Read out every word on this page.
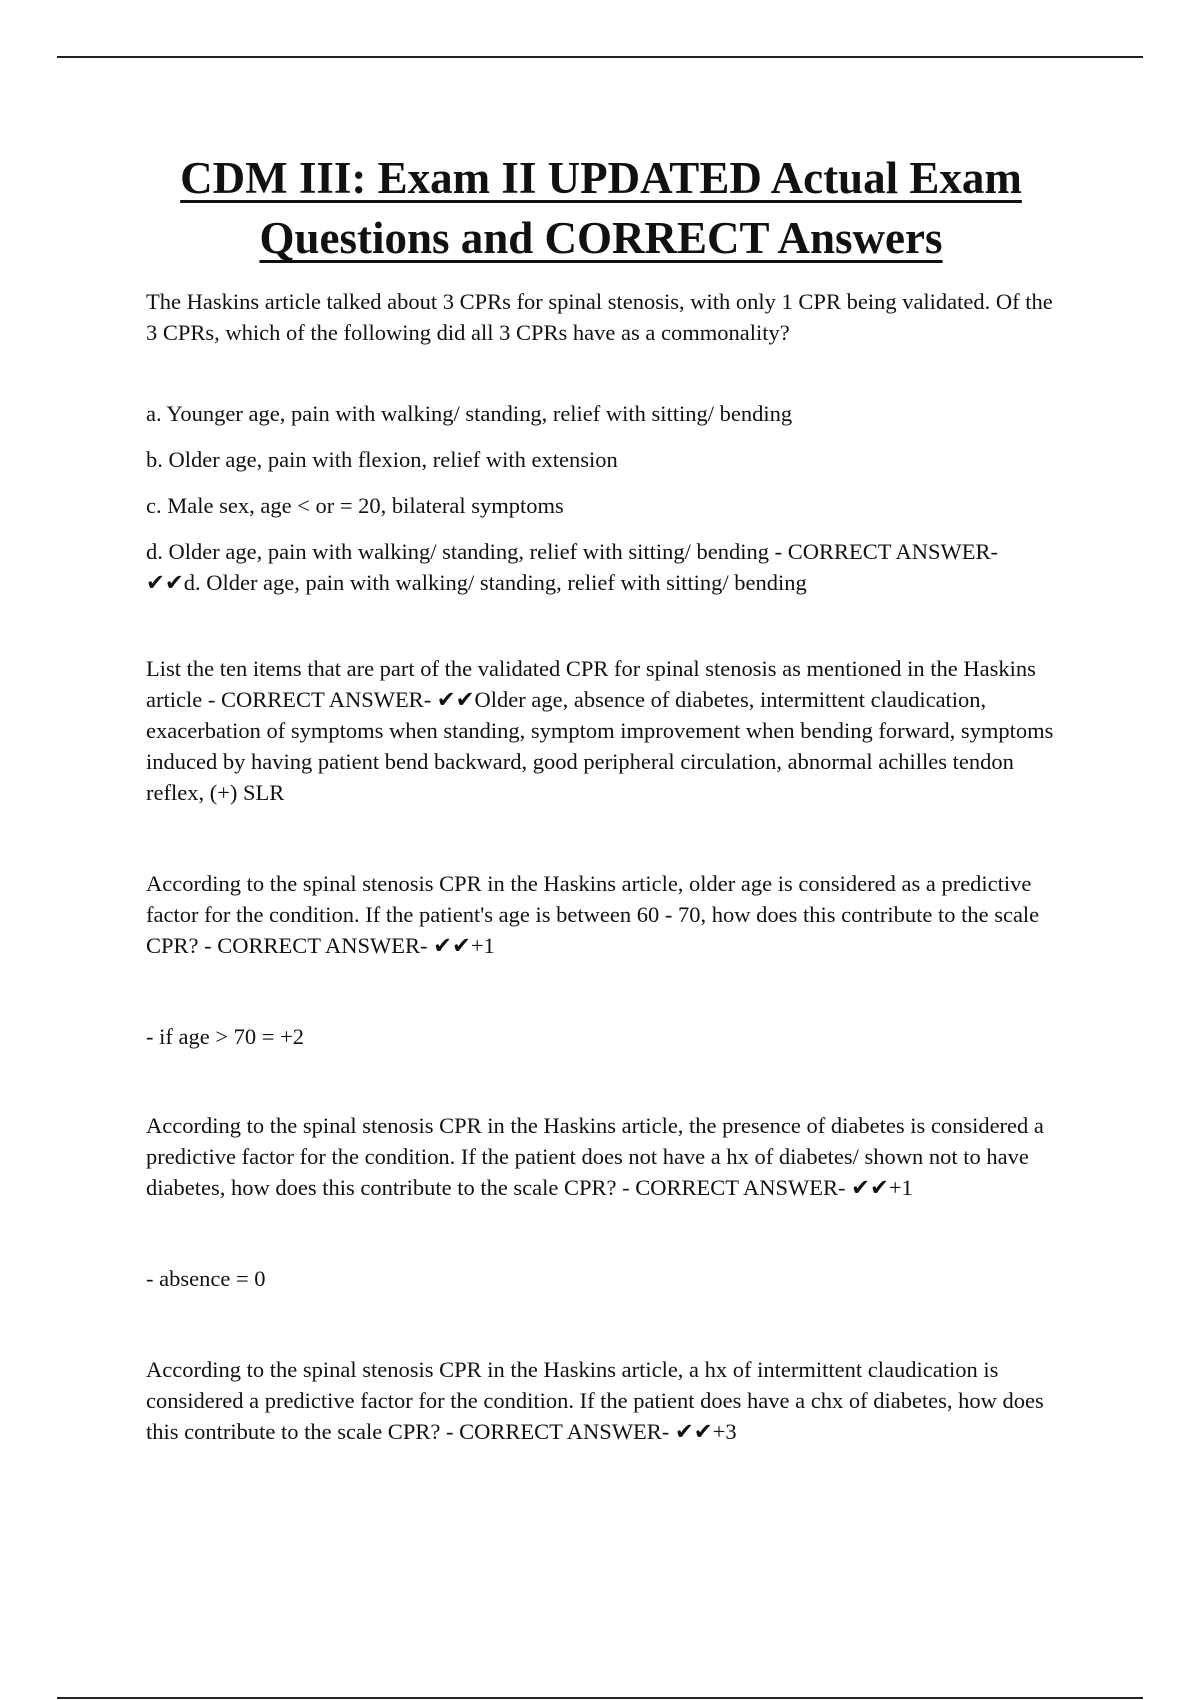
CDM III: Exam II UPDATED Actual Exam Questions and CORRECT Answers

The Haskins article talked about 3 CPRs for spinal stenosis, with only 1 CPR being validated. Of the 3 CPRs, which of the following did all 3 CPRs have as a commonality?

a. Younger age, pain with walking/ standing, relief with sitting/ bending

b. Older age, pain with flexion, relief with extension

c. Male sex, age < or = 20, bilateral symptoms

d. Older age, pain with walking/ standing, relief with sitting/ bending - CORRECT ANSWER- ✔✔d. Older age, pain with walking/ standing, relief with sitting/ bending

List the ten items that are part of the validated CPR for spinal stenosis as mentioned in the Haskins article - CORRECT ANSWER- ✔✔Older age, absence of diabetes, intermittent claudication, exacerbation of symptoms when standing, symptom improvement when bending forward, symptoms induced by having patient bend backward, good peripheral circulation, abnormal achilles tendon reflex, (+) SLR

According to the spinal stenosis CPR in the Haskins article, older age is considered as a predictive factor for the condition. If the patient's age is between 60 - 70, how does this contribute to the scale CPR? - CORRECT ANSWER- ✔✔+1

- if age > 70 = +2

According to the spinal stenosis CPR in the Haskins article, the presence of diabetes is considered a predictive factor for the condition. If the patient does not have a hx of diabetes/ shown not to have diabetes, how does this contribute to the scale CPR? - CORRECT ANSWER- ✔✔+1

- absence = 0

According to the spinal stenosis CPR in the Haskins article, a hx of intermittent claudication is considered a predictive factor for the condition. If the patient does have a chx of diabetes, how does this contribute to the scale CPR? - CORRECT ANSWER- ✔✔+3
